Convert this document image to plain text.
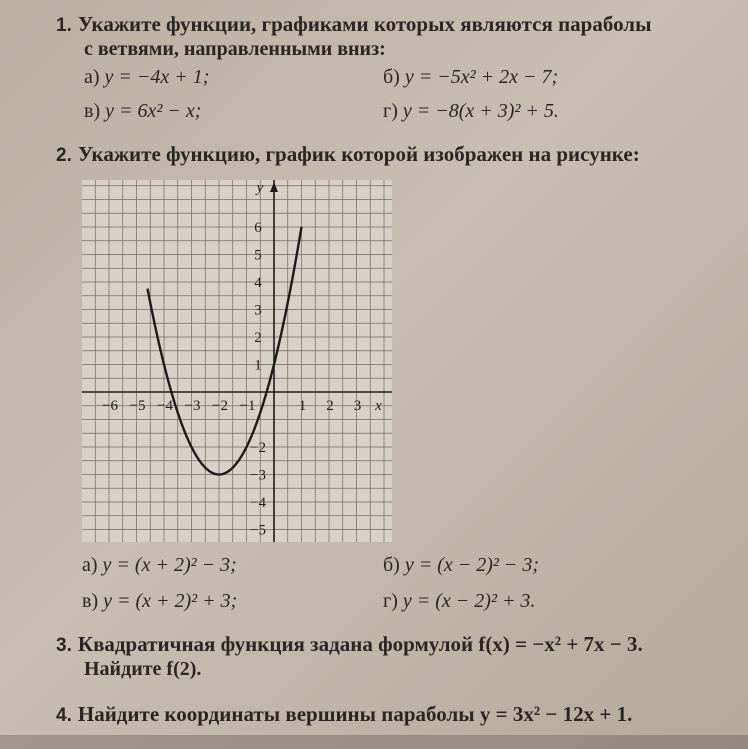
1. Укажите функции, графиками которых являются параболы
с ветвями, направленными вниз:
а) y = −4x + 1;	б) y = −5x² + 2x − 7;
в) y = 6x² − x;	г) y = −8(x + 3)² + 5.
2. Укажите функцию, график которой изображен на рисунке:
−6 −5 −4 −3 −2 −1	1 2 3
6
5
4
3
2
1
−2
−3
−4
−5
x
y
а) y = (x + 2)² − 3;	б) y = (x − 2)² − 3;
в) y = (x + 2)² + 3;	г) y = (x − 2)² + 3.
3. Квадратичная функция задана формулой f(x) = −x² + 7x − 3.
Найдите f(2).
4. Найдите координаты вершины параболы y = 3x² − 12x + 1.
